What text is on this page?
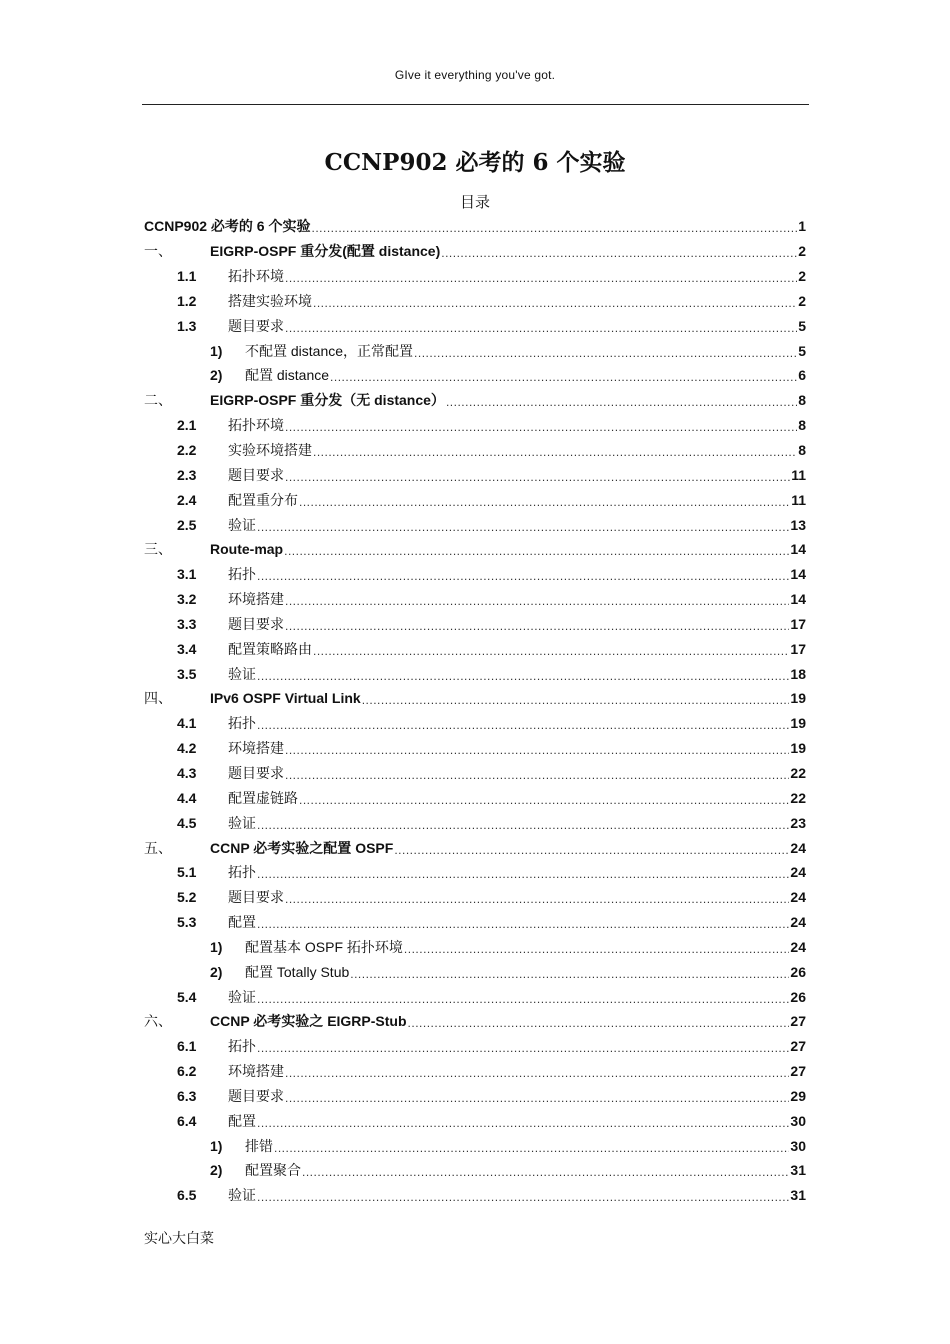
GIve it everything you've got.
CCNP902 必考的 6 个实验
目录
CCNP902 必考的 6 个实验 .....	1
一、	EIGRP-OSPF 重分发(配置 distance) .....	2
1.1	拓扑环境 .....	2
1.2	搭建实验环境 .....	2
1.3	题目要求 .....	5
1)	不配置 distance，正常配置 .....	5
2)	配置 distance .....	6
二、	EIGRP-OSPF 重分发（无 distance） .....	8
2.1	拓扑环境 .....	8
2.2	实验环境搭建 .....	8
2.3	题目要求 .....	11
2.4	配置重分布 .....	11
2.5	验证 .....	13
三、	Route-map .....	14
3.1	拓扑 .....	14
3.2	环境搭建 .....	14
3.3	题目要求 .....	17
3.4	配置策略路由 .....	17
3.5	验证 .....	18
四、	IPv6 OSPF Virtual Link .....	19
4.1	拓扑 .....	19
4.2	环境搭建 .....	19
4.3	题目要求 .....	22
4.4	配置虚链路 .....	22
4.5	验证 .....	23
五、	CCNP 必考实验之配置 OSPF .....	24
5.1	拓扑 .....	24
5.2	题目要求 .....	24
5.3	配置 .....	24
1)	配置基本 OSPF 拓扑环境 .....	24
2)	配置 Totally Stub .....	26
5.4	验证 .....	26
六、	CCNP 必考实验之 EIGRP-Stub .....	27
6.1	拓扑 .....	27
6.2	环境搭建 .....	27
6.3	题目要求 .....	29
6.4	配置 .....	30
1)	排错 .....	30
2)	配置聚合 .....	31
6.5	验证 .....	31
实心大白菜
